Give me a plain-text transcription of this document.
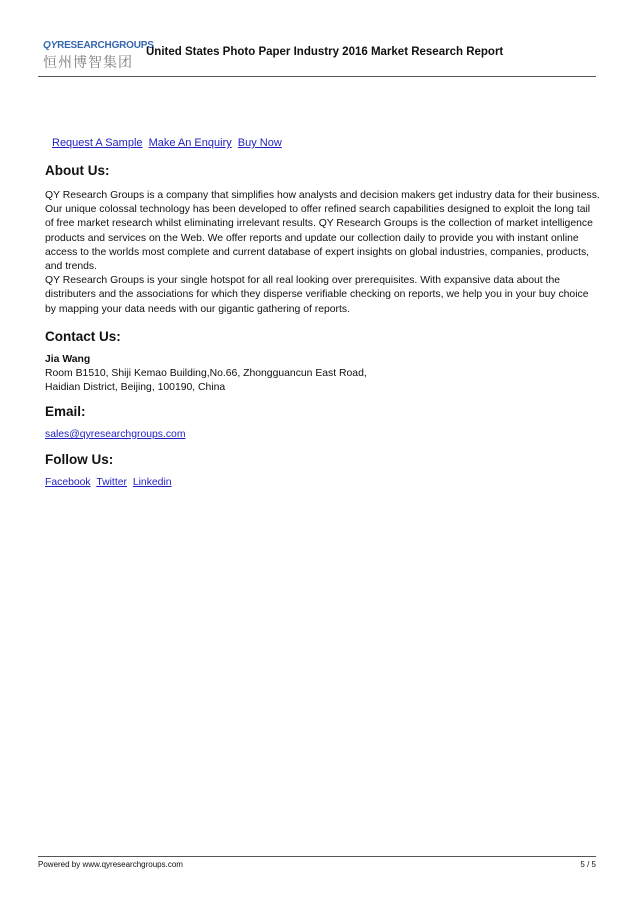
QYRESEARCHGROUPS
恒州博智集团
United States Photo Paper Industry 2016 Market Research Report
Request A Sample Make An Enquiry Buy Now
About Us:

QY Research Groups is a company that simplifies how analysts and decision makers get industry data for their business. Our unique colossal technology has been developed to offer refined search capabilities designed to exploit the long tail of free market research whilst eliminating irrelevant results. QY Research Groups is the collection of market intelligence products and services on the Web. We offer reports and update our collection daily to provide you with instant online access to the worlds most complete and current database of expert insights on global industries, companies, products, and trends.

QY Research Groups is your single hotspot for all real looking over prerequisites. With expansive data about the distributers and the associations for which they disperse verifiable checking on reports, we help you in your buy choice by mapping your data needs with our gigantic gathering of reports.

Contact Us:

Jia Wang

Room B1510, Shiji Kemao Building,No.66, Zhongguancun East Road,

Haidian District, Beijing, 100190, China

Email:
sales@qyresearchgroups.com
Follow Us:
Facebook Twitter Linkedin
Powered by www.qyresearchgroups.com	5 / 5
